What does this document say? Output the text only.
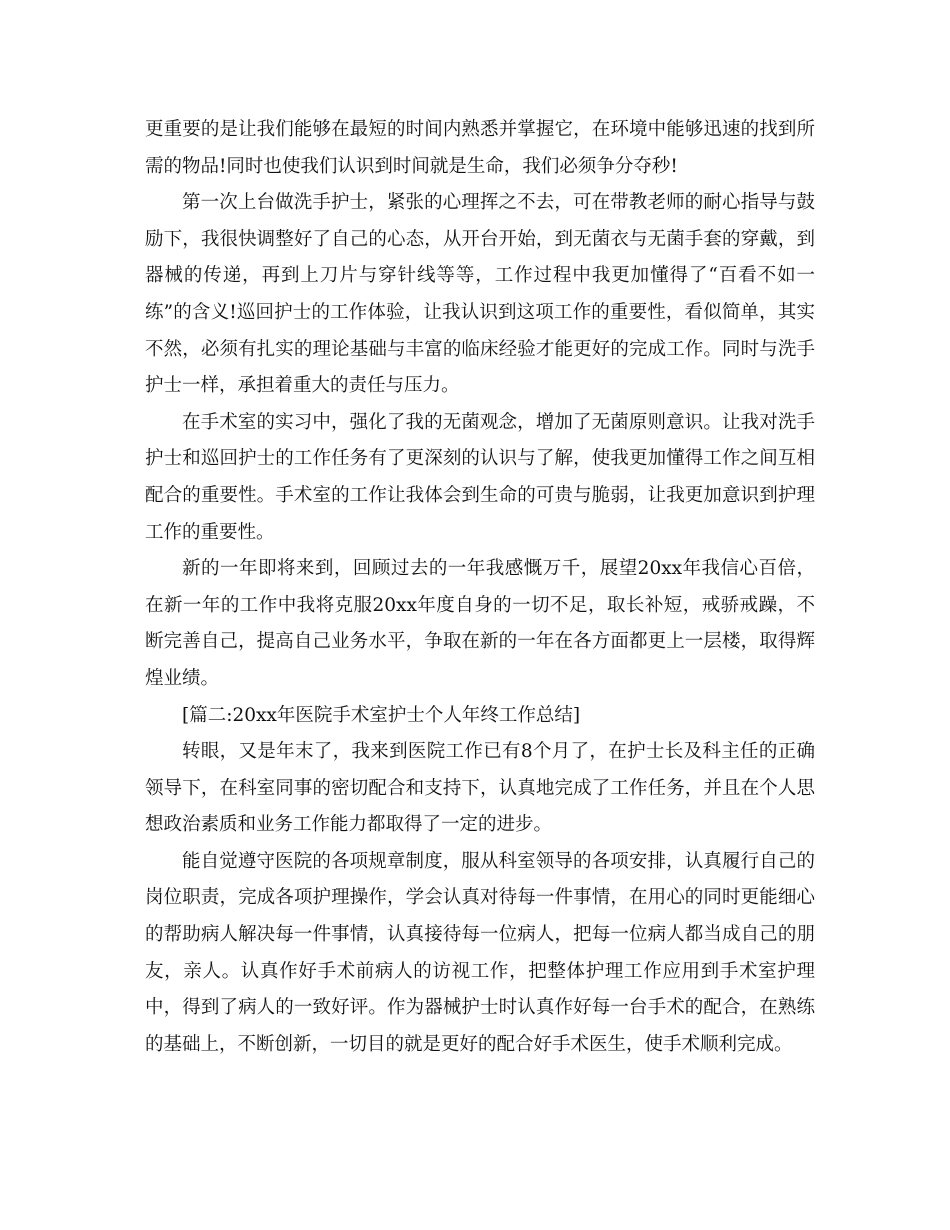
更重要的是让我们能够在最短的时间内熟悉并掌握它，在环境中能够迅速的找到所需的物品!同时也使我们认识到时间就是生命，我们必须争分夺秒!

第一次上台做洗手护士，紧张的心理挥之不去，可在带教老师的耐心指导与鼓励下，我很快调整好了自己的心态，从开台开始，到无菌衣与无菌手套的穿戴，到器械的传递，再到上刀片与穿针线等等，工作过程中我更加懂得了“百看不如一练”的含义!巡回护士的工作体验，让我认识到这项工作的重要性，看似简单，其实不然，必须有扎实的理论基础与丰富的临床经验才能更好的完成工作。同时与洗手护士一样，承担着重大的责任与压力。

在手术室的实习中，强化了我的无菌观念，增加了无菌原则意识。让我对洗手护士和巡回护士的工作任务有了更深刻的认识与了解，使我更加懂得工作之间互相配合的重要性。手术室的工作让我体会到生命的可贵与脆弱，让我更加意识到护理工作的重要性。

新的一年即将来到，回顾过去的一年我感慨万千，展望20xx年我信心百倍，在新一年的工作中我将克服20xx年度自身的一切不足，取长补短，戒骄戒躁，不断完善自己，提高自己业务水平，争取在新的一年在各方面都更上一层楼，取得辉煌业绩。

[篇二:20xx年医院手术室护士个人年终工作总结]

转眼，又是年末了，我来到医院工作已有8个月了，在护士长及科主任的正确领导下，在科室同事的密切配合和支持下，认真地完成了工作任务，并且在个人思想政治素质和业务工作能力都取得了一定的进步。

能自觉遵守医院的各项规章制度，服从科室领导的各项安排，认真履行自己的岗位职责，完成各项护理操作，学会认真对待每一件事情，在用心的同时更能细心的帮助病人解决每一件事情，认真接待每一位病人，把每一位病人都当成自己的朋友，亲人。认真作好手术前病人的访视工作，把整体护理工作应用到手术室护理中，得到了病人的一致好评。作为器械护士时认真作好每一台手术的配合，在熟练的基础上，不断创新，一切目的就是更好的配合好手术医生，使手术顺利完成。
